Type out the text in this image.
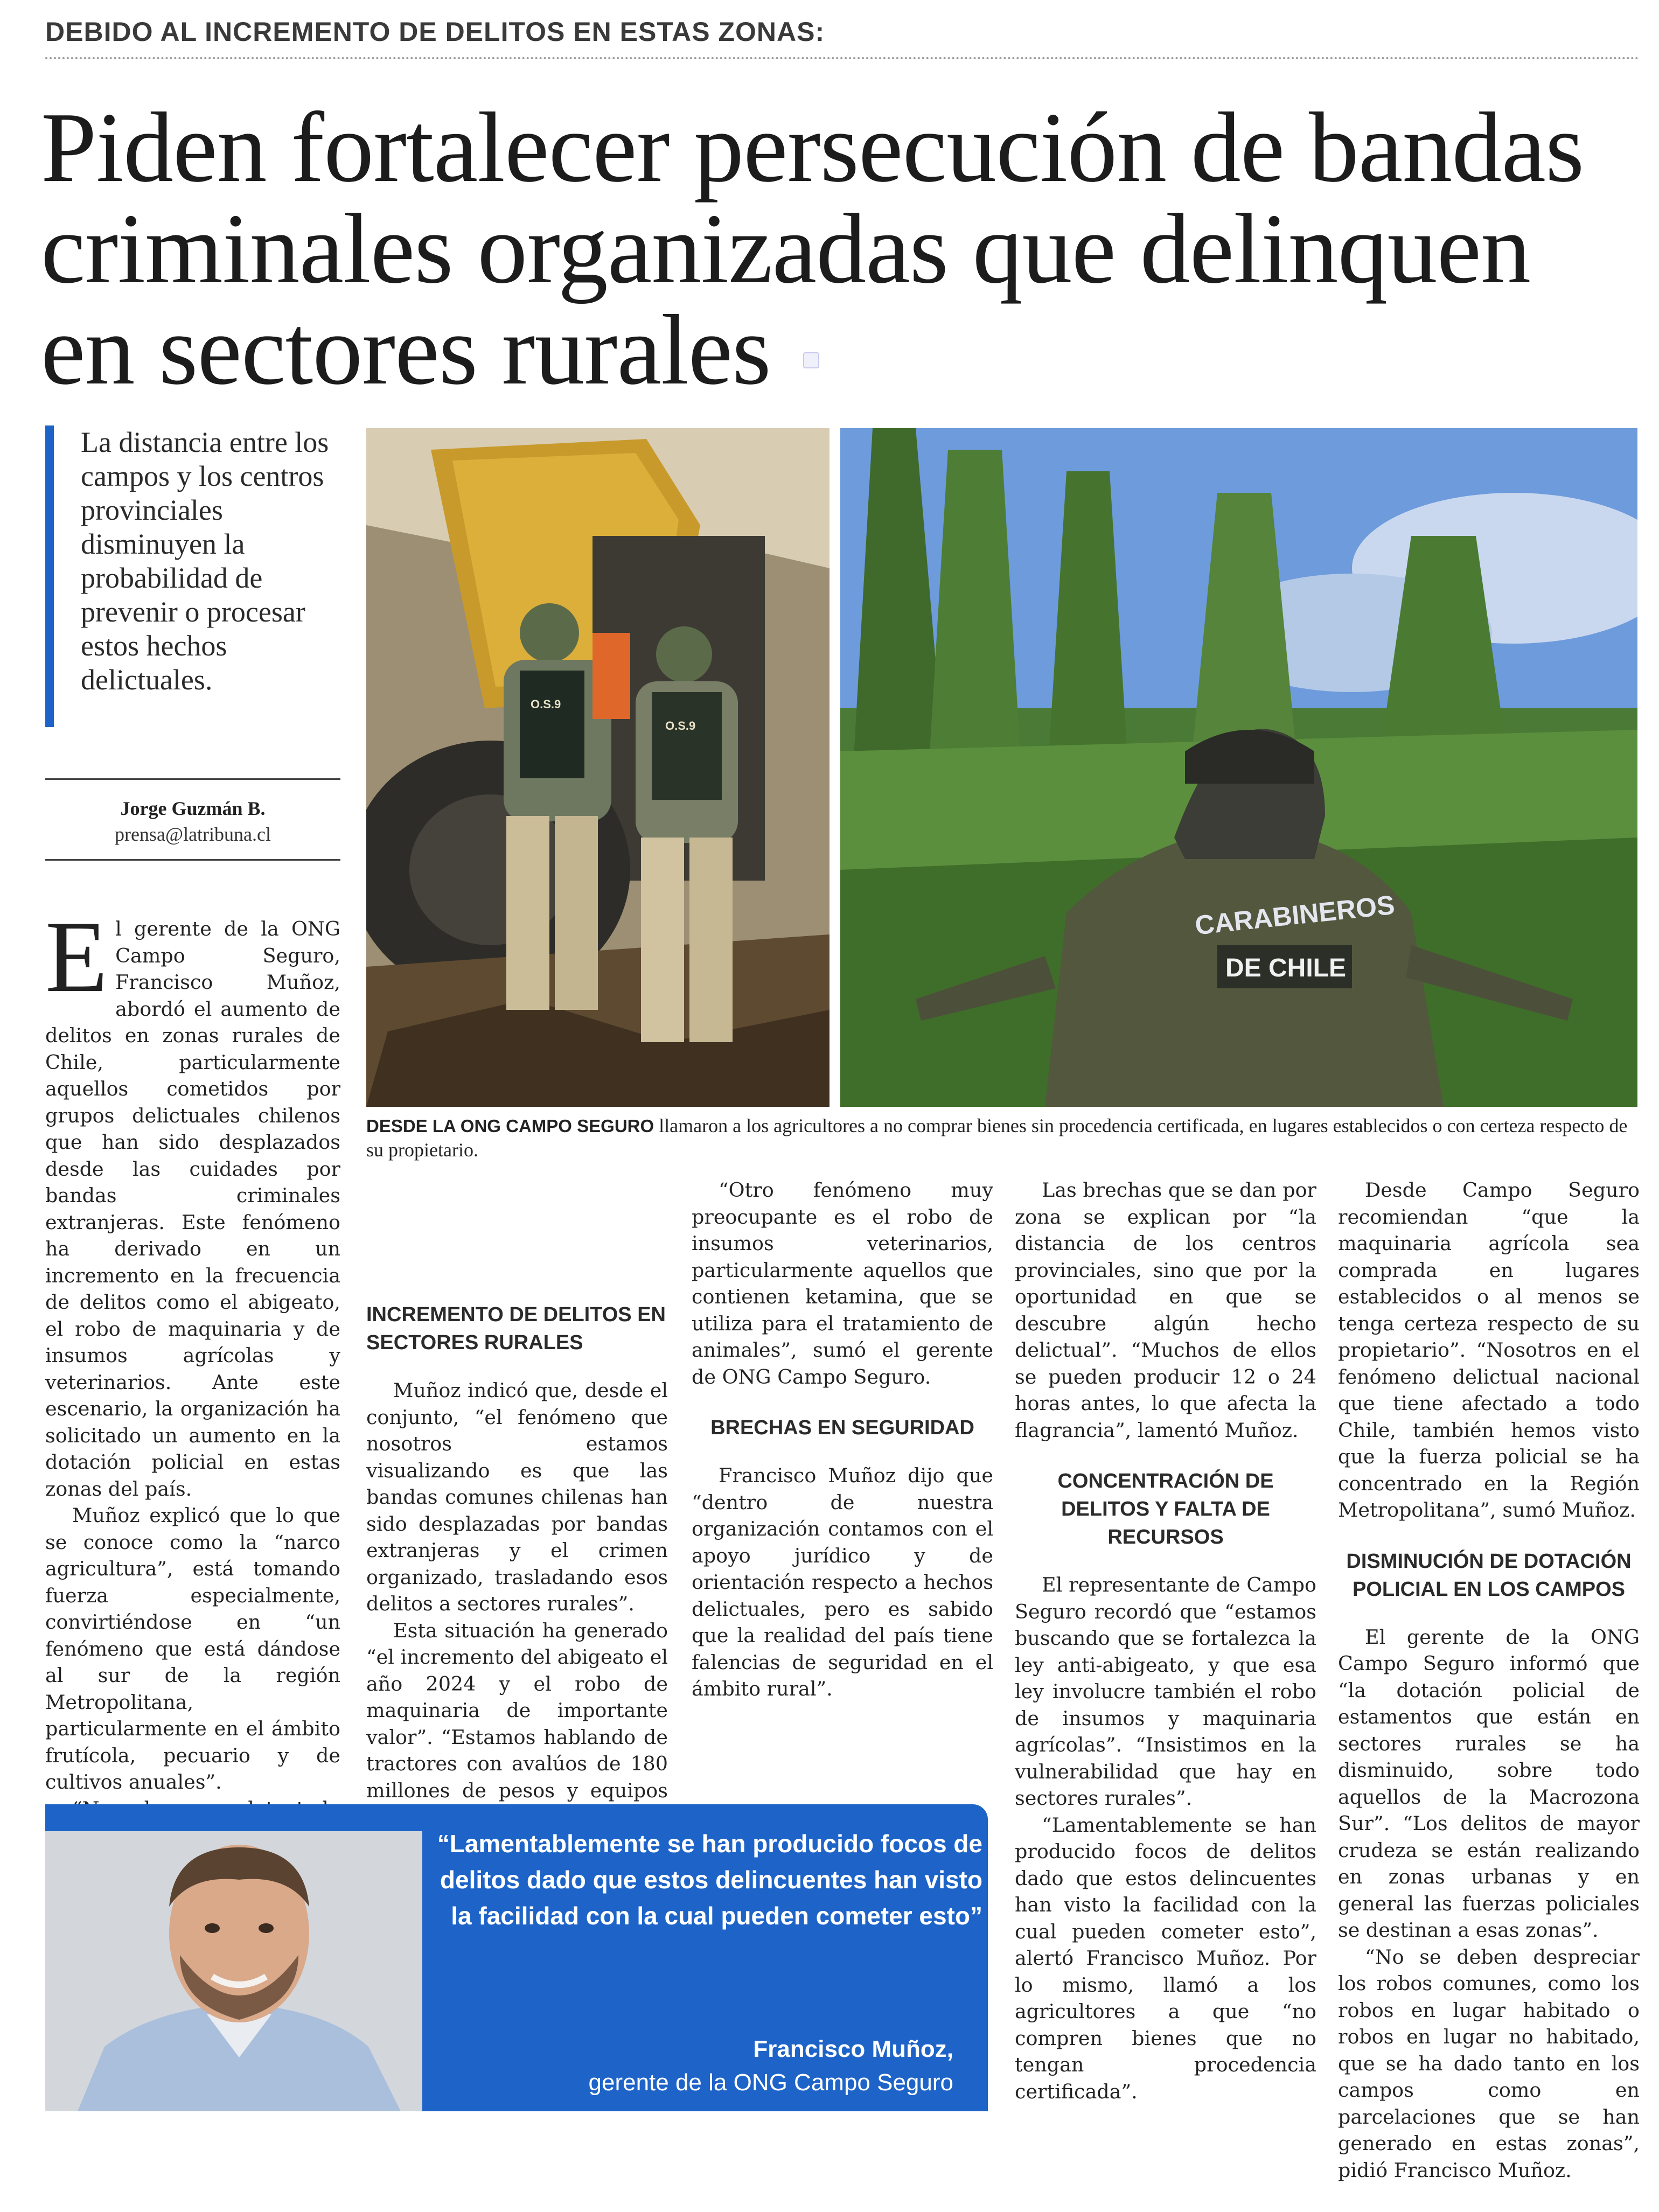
DEBIDO AL INCREMENTO DE DELITOS EN ESTAS ZONAS:
Piden fortalecer persecución de bandas criminales organizadas que delinquen en sectores rurales
La distancia entre los campos y los centros provinciales disminuyen la probabilidad de prevenir o procesar estos hechos delictuales.
Jorge Guzmán B.
prensa@latribuna.cl
O.S.9
O.S.9
CARABINEROS
DE CHILE
DESDE LA ONG CAMPO SEGURO llamaron a los agricultores a no comprar bienes sin procedencia certificada, en lugares establecidos o con certeza respecto de su propietario.
E l gerente de la ONG Campo Seguro, Francisco Muñoz, abordó el aumento de delitos en zonas rurales de Chile, particularmente aquellos cometidos por grupos delictuales chilenos que han sido desplazados desde las cuidades por bandas criminales extranjeras. Este fenómeno ha derivado en un incremento en la frecuencia de delitos como el abigeato, el robo de maquinaria y de insumos agrícolas y veterinarios. Ante este escenario, la organización ha solicitado un aumento en la dotación policial en estas zonas del país.

Muñoz explicó que lo que se conoce como la “narco agricultura”, está tomando fuerza especialmente, convirtiéndose en “un fenómeno que está dándose al sur de la región Metropolitana, particularmente en el ámbito frutícola, pecuario y de cultivos anuales”.

INCREMENTO DE DELITOS EN SECTORES RURALES

Muñoz indicó que, desde el conjunto, “el fenómeno que nosotros estamos visualizando es que las bandas comunes chilenas han sido desplazadas por bandas extranjeras y el crimen organizado, trasladando esos delitos a sectores rurales”.

Esta situación ha generado “el incremento del abigeato el año 2024 y el robo de maquinaria de importante valor”. “Estamos hablando de tractores con avalúos de 180 millones de pesos y equipos

“Otro fenómeno muy preocupante es el robo de insumos veterinarios, particularmente aquellos que contienen ketamina, que se utiliza para el tratamiento de animales”, sumó el gerente de ONG Campo Seguro.

BRECHAS EN SEGURIDAD

Francisco Muñoz dijo que “dentro de nuestra organización contamos con el apoyo jurídico y de orientación respecto a hechos delictuales, pero es sabido que la realidad del país tiene falencias de seguridad en el ámbito rural”.

Las brechas que se dan por zona se explican por “la distancia de los centros provinciales, sino que por la oportunidad en que se descubre algún hecho delictual”. “Muchos de ellos se pueden producir 12 o 24 horas antes, lo que afecta la flagrancia”, lamentó Muñoz.

CONCENTRACIÓN DE DELITOS Y FALTA DE RECURSOS

El representante de Campo Seguro recordó que “estamos buscando que se fortalezca la ley anti-abigeato, y que esa ley involucre también el robo de insumos y maquinaria agrícolas”. “Insistimos en la vulnerabilidad que hay en sectores rurales”.

“Lamentablemente se han producido focos de delitos dado que estos delincuentes han visto la facilidad con la cual pueden cometer esto”, alertó Francisco Muñoz. Por lo mismo, llamó a los agricultores a que “no compren bienes que no tengan procedencia certificada”.

Desde Campo Seguro recomiendan “que la maquinaria agrícola sea comprada en lugares establecidos o al menos se tenga certeza respecto de su propietario”. “Nosotros en el fenómeno delictual nacional que tiene afectado a todo Chile, también hemos visto que la fuerza policial se ha concentrado en la Región Metropolitana”, sumó Muñoz.

DISMINUCIÓN DE DOTACIÓN POLICIAL EN LOS CAMPOS

El gerente de la ONG Campo Seguro informó que “la dotación policial de estamentos que están en sectores rurales se ha disminuido, sobre todo aquellos de la Macrozona Sur”. “Los delitos de mayor crudeza se están realizando en zonas urbanas y en general las fuerzas policiales se destinan a esas zonas”.

“No se deben despreciar los robos comunes, como los robos en lugar habitado o robos en lugar no habitado, que se ha dado tanto en los campos como en parcelaciones que se han generado en estas zonas”, pidió Francisco Muñoz.

“Lamentablemente se han producido focos de delitos dado que estos delincuentes han visto la facilidad con la cual pueden cometer esto”
Francisco Muñoz,
gerente de la ONG Campo Seguro
